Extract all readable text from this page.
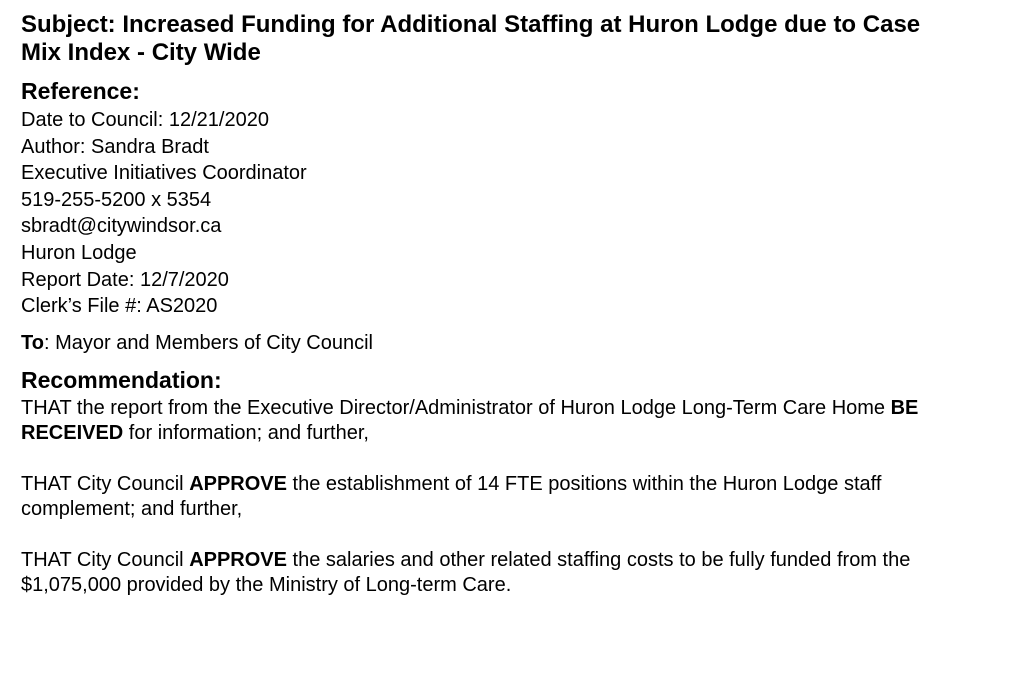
Subject: Increased Funding for Additional Staffing at Huron Lodge due to Case Mix Index - City Wide
Reference:
Date to Council: 12/21/2020
Author: Sandra Bradt
Executive Initiatives Coordinator
519-255-5200 x 5354
sbradt@citywindsor.ca
Huron Lodge
Report Date: 12/7/2020
Clerk’s File #: AS2020

To: Mayor and Members of City Council

Recommendation:

THAT the report from the Executive Director/Administrator of Huron Lodge Long-Term Care Home BE RECEIVED for information; and further,

THAT City Council APPROVE the establishment of 14 FTE positions within the Huron Lodge staff complement; and further,

THAT City Council APPROVE the salaries and other related staffing costs to be fully funded from the $1,075,000 provided by the Ministry of Long-term Care.
